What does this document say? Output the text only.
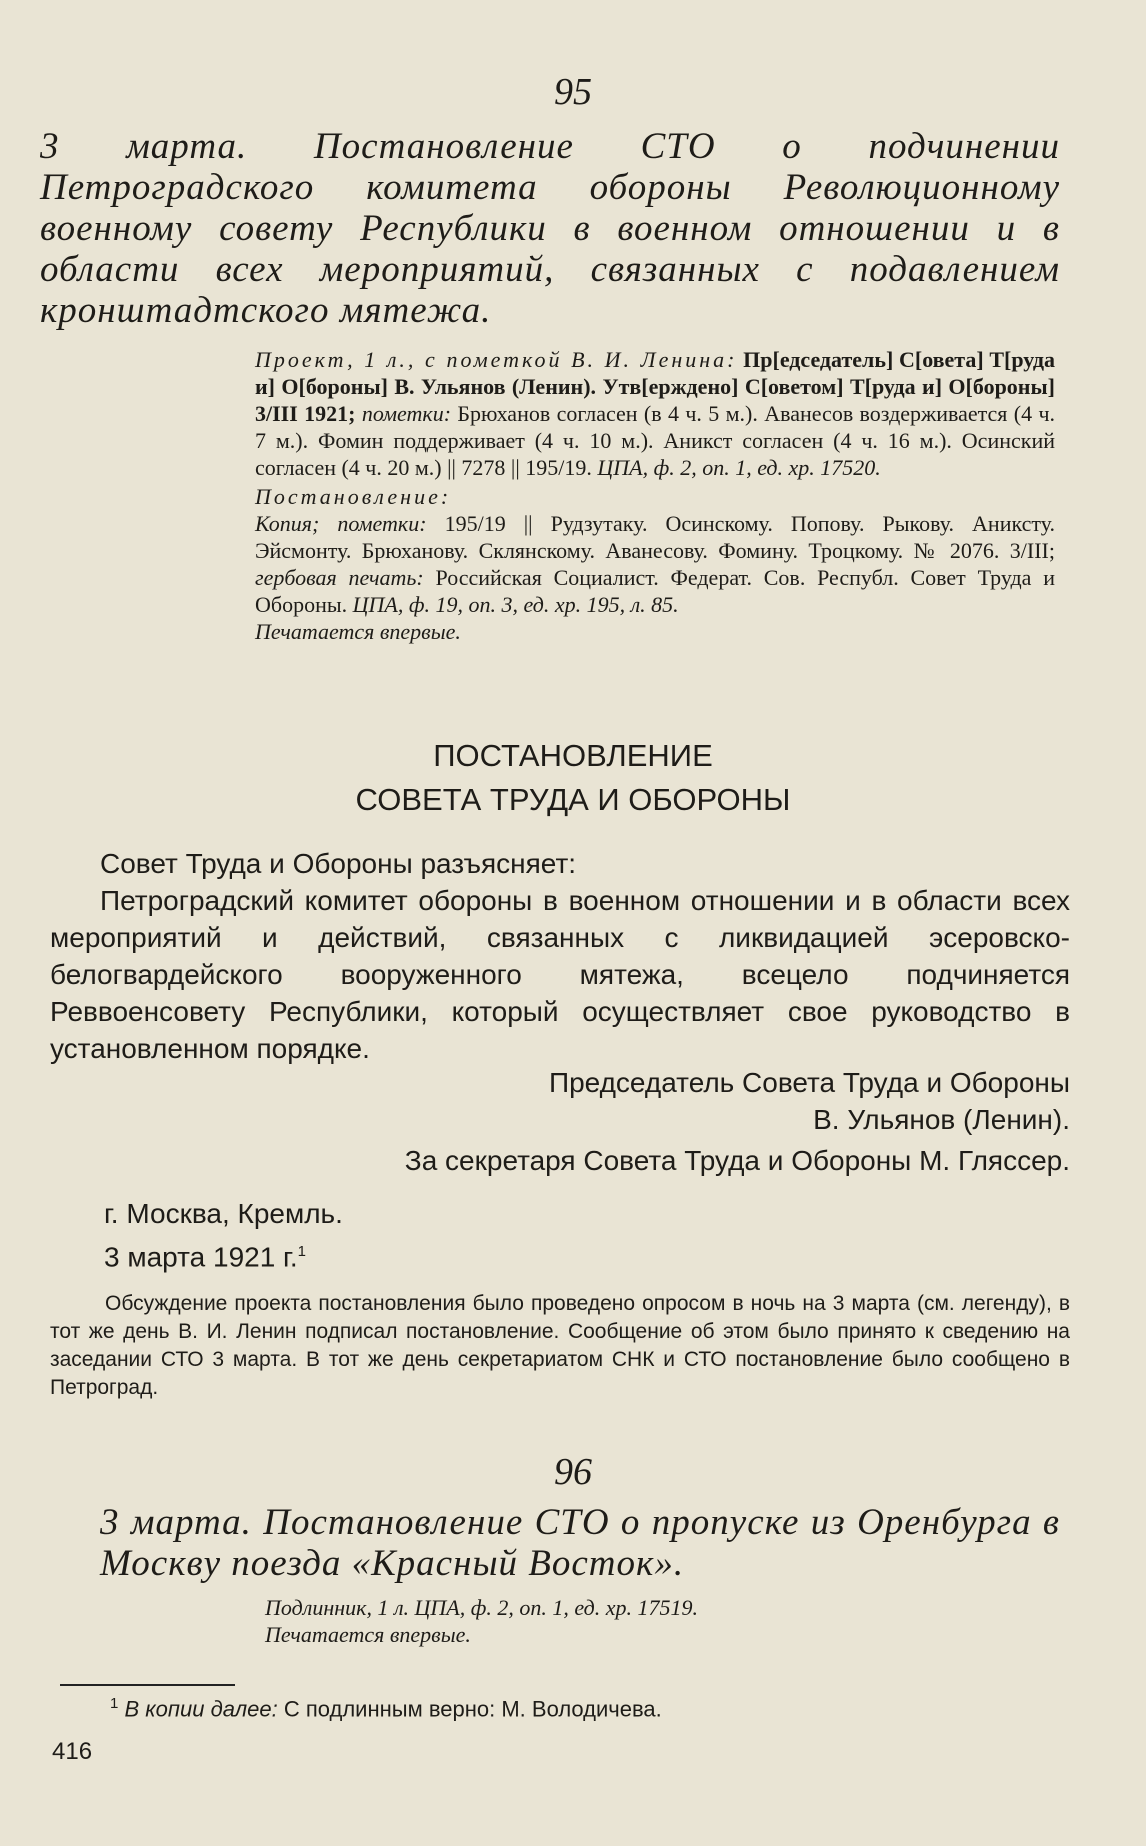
95
3 марта. Постановление СТО о подчинении Петроградского комитета обороны Революционному военному совету Республики в военном отношении и в области всех мероприятий, связанных с подавлением кронштадтского мятежа.

Проект, 1 л., с пометкой В. И. Ленина: Пр[едседатель] С[овета] Т[руда и] О[бороны] В. Ульянов (Ленин). Утв[ерждено] С[оветом] Т[руда и] О[бороны] 3/III 1921; пометки: Брюханов согласен (в 4 ч. 5 м.). Аванесов воздерживается (4 ч. 7 м.). Фомин поддерживает (4 ч. 10 м.). Аникст согласен (4 ч. 16 м.). Осинский согласен (4 ч. 20 м.) || 7278 || 195/19. ЦПА, ф. 2, оп. 1, ед. хр. 17520.

Постановление:

Копия; пометки: 195/19 || Рудзутаку. Осинскому. Попову. Рыкову. Аниксту. Эйсмонту. Брюханову. Склянскому. Аванесову. Фомину. Троцкому. № 2076. 3/III; гербовая печать: Российская Социалист. Федерат. Сов. Республ. Совет Труда и Обороны. ЦПА, ф. 19, оп. 3, ед. хр. 195, л. 85.

Печатается впервые.

ПОСТАНОВЛЕНИЕ
СОВЕТА ТРУДА И ОБОРОНЫ

Совет Труда и Обороны разъясняет:

Петроградский комитет обороны в военном отношении и в области всех мероприятий и действий, связанных с ликвидацией эсеровско-белогвардейского вооруженного мятежа, всецело подчиняется Реввоенсовету Республики, который осуществляет свое руководство в установленном порядке.

Председатель Совета Труда и Обороны
В. Ульянов (Ленин).
За секретаря Совета Труда и Обороны М. Гляссер.
г. Москва, Кремль.
3 марта 1921 г.$^1$
Обсуждение проекта постановления было проведено опросом в ночь на 3 марта (см. легенду), в тот же день В. И. Ленин подписал постановление. Сообщение об этом было принято к сведению на заседании СТО 3 марта. В тот же день секретариатом СНК и СТО постановление было сообщено в Петроград.
96
3 марта. Постановление СТО о пропуске из Оренбурга в Москву поезда «Красный Восток».

Подлинник, 1 л. ЦПА, ф. 2, оп. 1, ед. хр. 17519.

Печатается впервые.

$^1$ В копии далее: С подлинным верно: М. Володичева.
416
